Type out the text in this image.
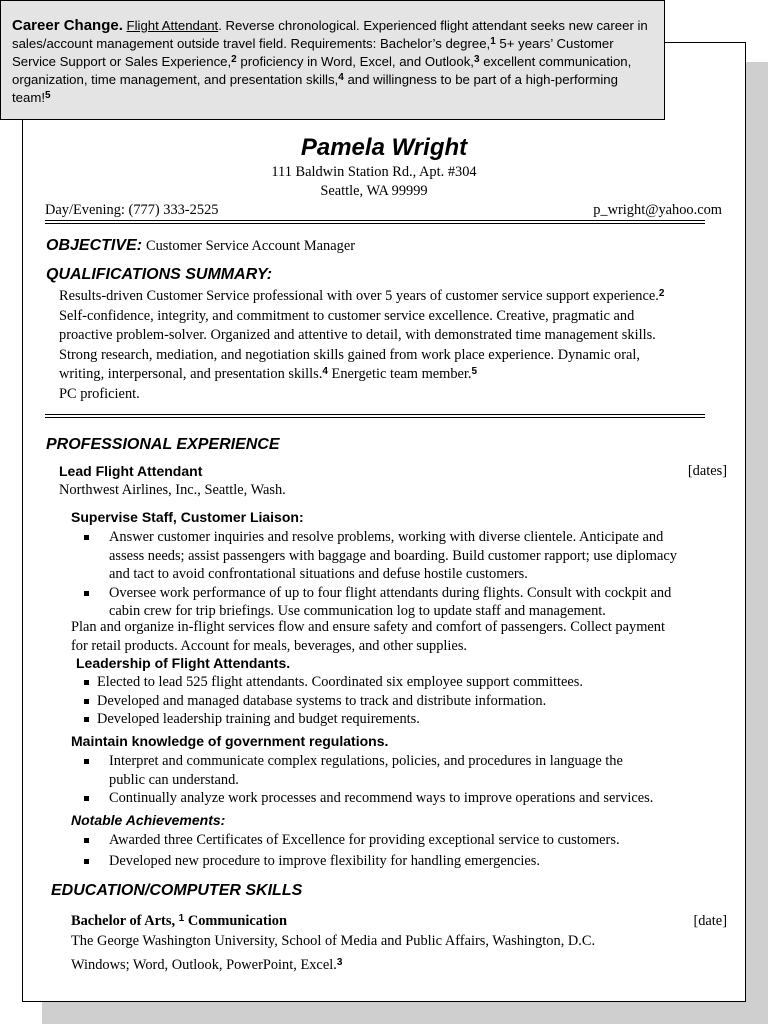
Career Change. Flight Attendant. Reverse chronological. Experienced flight attendant seeks new career in sales/account management outside travel field. Requirements: Bachelor’s degree,$^1$ 5+ years’ Customer Service Support or Sales Experience,$^2$ proficiency in Word, Excel, and Outlook,$^3$ excellent communication, organization, time management, and presentation skills,$^4$ and willingness to be part of a high-performing team!$^5$
Pamela Wright
111 Baldwin Station Rd., Apt. #304
Seattle, WA 99999
Day/Evening: (777) 333-2525	p_wright@yahoo.com
OBJECTIVE: Customer Service Account Manager
QUALIFICATIONS SUMMARY:
Results-driven Customer Service professional with over 5 years of customer service support experience.$^2$ Self-confidence, integrity, and commitment to customer service excellence. Creative, pragmatic and proactive problem-solver. Organized and attentive to detail, with demonstrated time management skills. Strong research, mediation, and negotiation skills gained from work place experience. Dynamic oral, writing, interpersonal, and presentation skills.$^4$ Energetic team member.$^5$
PC proficient.
PROFESSIONAL EXPERIENCE
Lead Flight Attendant	[dates]
Northwest Airlines, Inc., Seattle, Wash.
Supervise Staff, Customer Liaison:
Answer customer inquiries and resolve problems, working with diverse clientele. Anticipate and assess needs; assist passengers with baggage and boarding. Build customer rapport; use diplomacy and tact to avoid confrontational situations and defuse hostile customers.
Oversee work performance of up to four flight attendants during flights. Consult with cockpit and cabin crew for trip briefings. Use communication log to update staff and management.
Plan and organize in-flight services flow and ensure safety and comfort of passengers. Collect payment for retail products. Account for meals, beverages, and other supplies.
Leadership of Flight Attendants.
Elected to lead 525 flight attendants. Coordinated six employee support committees.
Developed and managed database systems to track and distribute information.
Developed leadership training and budget requirements.
Maintain knowledge of government regulations.
Interpret and communicate complex regulations, policies, and procedures in language the public can understand.
Continually analyze work processes and recommend ways to improve operations and services.
Notable Achievements:
Awarded three Certificates of Excellence for providing exceptional service to customers.
Developed new procedure to improve flexibility for handling emergencies.
EDUCATION/COMPUTER SKILLS
Bachelor of Arts, $^1$ Communication	[date]
The George Washington University, School of Media and Public Affairs, Washington, D.C.
Windows; Word, Outlook, PowerPoint, Excel.$^3$
